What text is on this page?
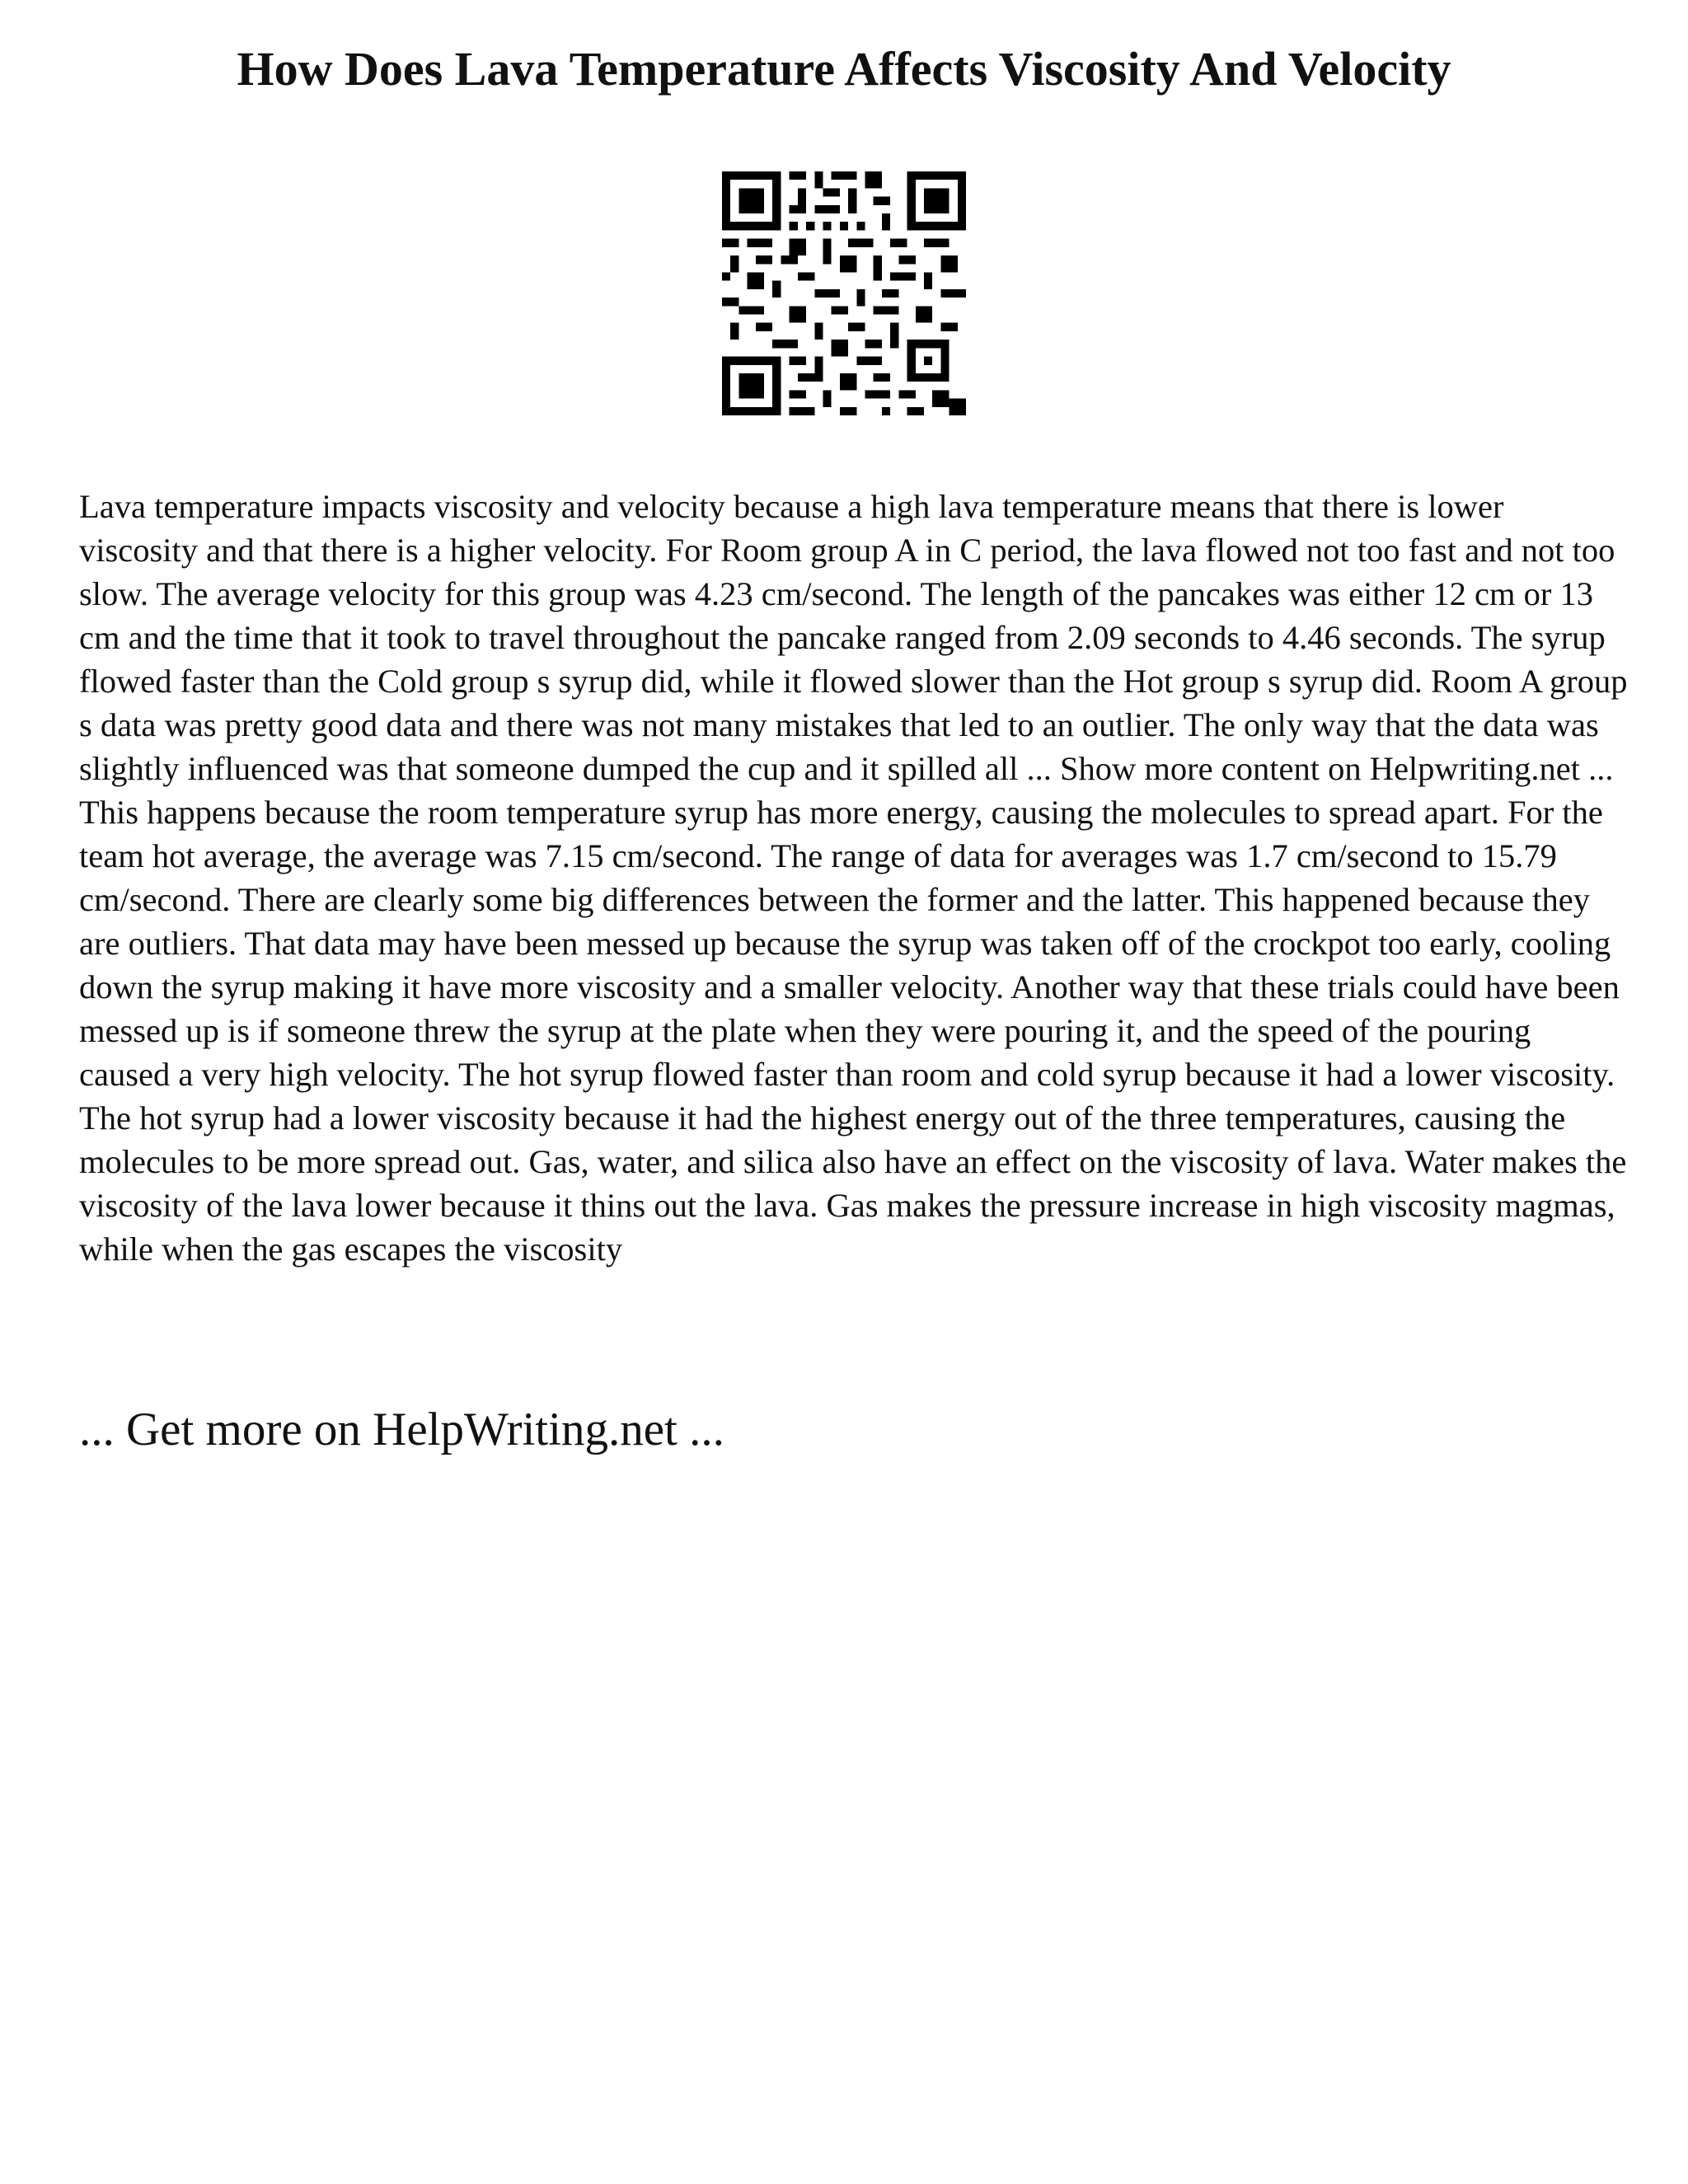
How Does Lava Temperature Affects Viscosity And Velocity

Lava temperature impacts viscosity and velocity because a high lava temperature means that there is lower viscosity and that there is a higher velocity. For Room group A in C period, the lava flowed not too fast and not too slow. The average velocity for this group was 4.23 cm/second. The length of the pancakes was either 12 cm or 13 cm and the time that it took to travel throughout the pancake ranged from 2.09 seconds to 4.46 seconds. The syrup flowed faster than the Cold group s syrup did, while it flowed slower than the Hot group s syrup did. Room A group s data was pretty good data and there was not many mistakes that led to an outlier. The only way that the data was slightly influenced was that someone dumped the cup and it spilled all ... Show more content on Helpwriting.net ...

This happens because the room temperature syrup has more energy, causing the molecules to spread apart. For the team hot average, the average was 7.15 cm/second. The range of data for averages was 1.7 cm/second to 15.79 cm/second. There are clearly some big differences between the former and the latter. This happened because they are outliers. That data may have been messed up because the syrup was taken off of the crockpot too early, cooling down the syrup making it have more viscosity and a smaller velocity. Another way that these trials could have been messed up is if someone threw the syrup at the plate when they were pouring it, and the speed of the pouring caused a very high velocity. The hot syrup flowed faster than room and cold syrup because it had a lower viscosity. The hot syrup had a lower viscosity because it had the highest energy out of the three temperatures, causing the molecules to be more spread out. Gas, water, and silica also have an effect on the viscosity of lava. Water makes the viscosity of the lava lower because it thins out the lava. Gas makes the pressure increase in high viscosity magmas, while when the gas escapes the viscosity

... Get more on HelpWriting.net ...
